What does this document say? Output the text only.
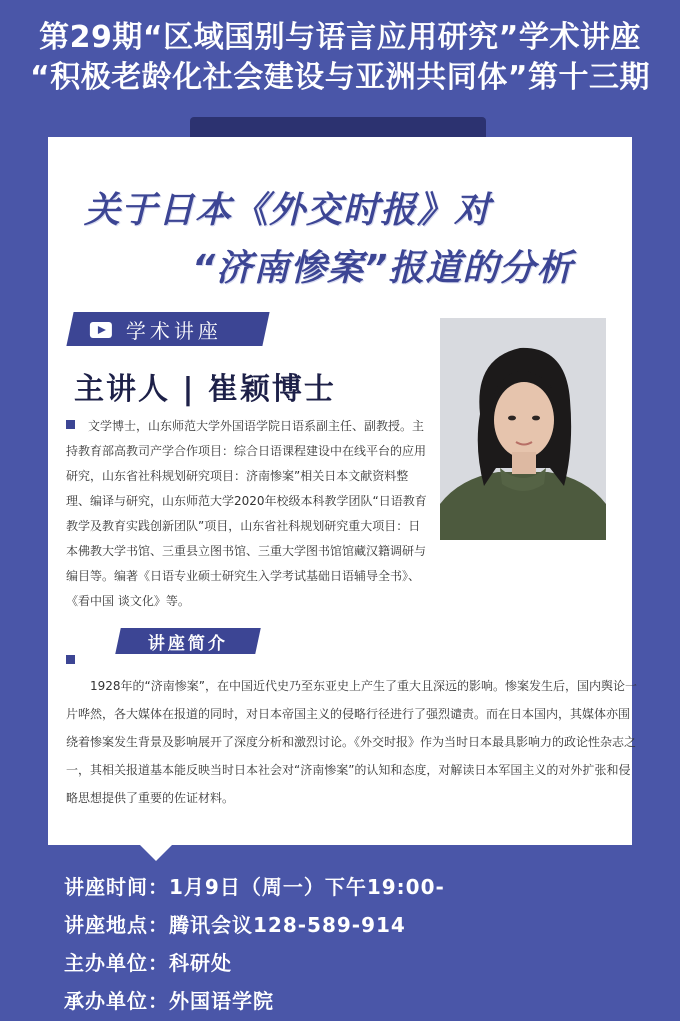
第29期“区域国别与语言应用研究”学术讲座
“积极老龄化社会建设与亚洲共同体”第十三期
关于日本《外交时报》对
“济南惨案”报道的分析
学术讲座
主讲人 | 崔颖博士
文学博士，山东师范大学外国语学院日语系副主任、副教授。主持教育部高教司产学合作项目：综合日语课程建设中在线平台的应用研究，山东省社科规划研究项目：济南惨案”相关日本文献资料整理、编译与研究，山东师范大学2020年校级本科教学团队“日语教育教学及教育实践创新团队”项目，山东省社科规划研究重大项目：日本佛教大学书馆、三重县立图书馆、三重大学图书馆馆藏汉籍调研与编目等。编著《日语专业硕士研究生入学考试基础日语辅导全书》、《看中国 谈文化》等。
讲座简介
1928年的“济南惨案”，在中国近代史乃至东亚史上产生了重大且深远的影响。惨案发生后，国内舆论一片哗然，各大媒体在报道的同时，对日本帝国主义的侵略行径进行了强烈谴责。而在日本国内，其媒体亦围绕着惨案发生背景及影响展开了深度分析和激烈讨论。《外交时报》作为当时日本最具影响力的政论性杂志之一，其相关报道基本能反映当时日本社会对“济南惨案”的认知和态度，对解读日本军国主义的对外扩张和侵略思想提供了重要的佐证材料。
讲座时间：1月9日（周一）下午19:00-
讲座地点：腾讯会议128-589-914
主办单位：科研处
承办单位：外国语学院
